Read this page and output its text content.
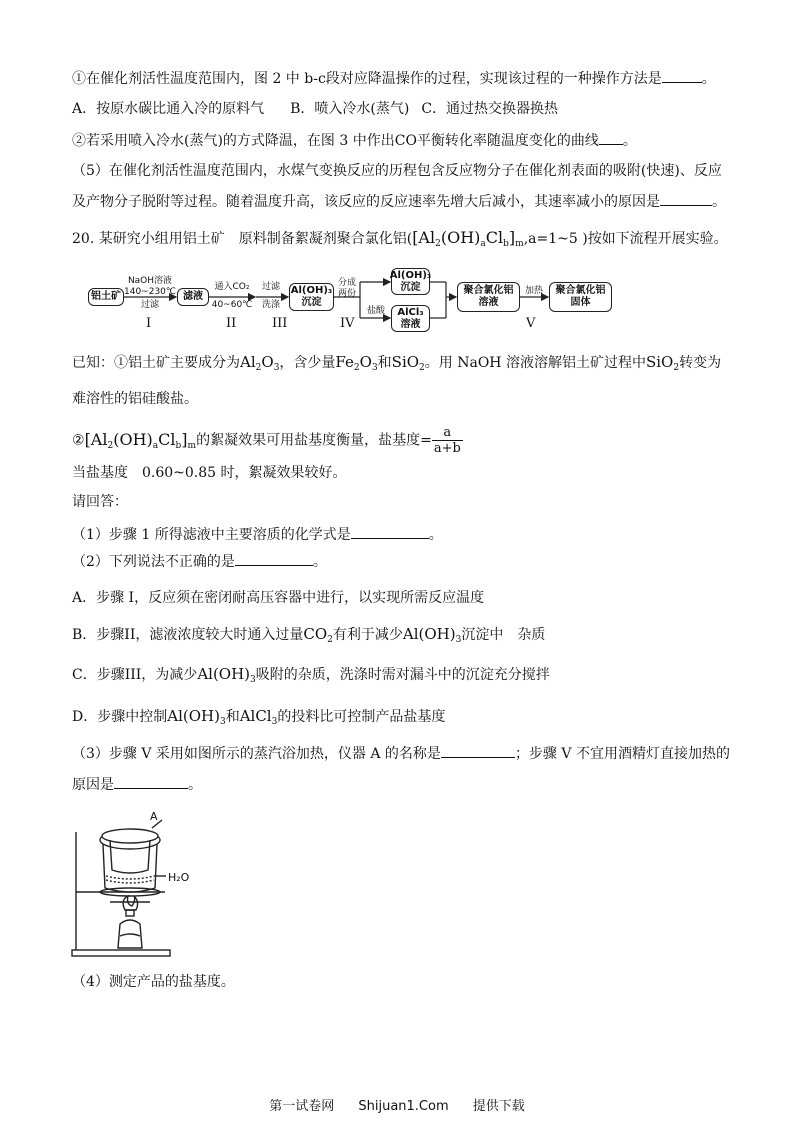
①在催化剂活性温度范围内，图 2 中 b-c段对应降温操作的过程，实现该过程的一种操作方法是	。
A．按原水碳比通入冷的原料气 B．喷入冷水(蒸气) C．通过热交换器换热
②若采用喷入冷水(蒸气)的方式降温，在图 3 中作出CO平衡转化率随温度变化的曲线 。
（5）在催化剂活性温度范围内，水煤气变换反应的历程包含反应物分子在催化剂表面的吸附(快速)、反应
及产物分子脱附等过程。随着温度升高，该反应的反应速率先增大后减小，其速率减小的原因是	。
20. 某研究小组用铝土矿　原料制备絮凝剂聚合氯化铝($[Al_2(OH)_aCl_b]_m,a=1\sim 5$ )按如下流程开展实验。
铝土矿
NaOH溶液
140~230℃
过滤
滤液
通入CO₂
40~60℃
过滤
洗涤
Al(OH)₃
沉淀
分成
两份
Al(OH)₃
沉淀
盐酸	AlCl₃
溶液
聚合氯化铝
溶液
加热	聚合氯化铝
固体
I	II	III	IV	V
已知：①铝土矿主要成分为$Al_2O_3$，含少量$Fe_2O_3$和SiO$_2$。用 NaOH 溶液溶解铝土矿过程中SiO$_2$转变为
难溶性的铝硅酸盐。
$②[Al_2(OH)_aCl_b]_m$的絮凝效果可用盐基度衡量，盐基度= $\frac{a}{a+b}$
当盐基度　0.60~0.85 时，絮凝效果较好。
请回答：
（1）步骤 1 所得滤液中主要溶质的化学式是	。
（2）下列说法不正确的是	。
A．步骤 I，反应须在密闭耐高压容器中进行，以实现所需反应温度
B．步骤II，滤液浓度较大时通入过量$CO_2$有利于减少$Al(OH)_3$沉淀中　杂质
C．步骤III，为减少$Al(OH)_3$吸附的杂质，洗涤时需对漏斗中的沉淀充分搅拌
D．步骤中控制$Al(OH)_3$和AlCl$_3$的投料比可控制产品盐基度
（3）步骤 V 采用如图所示的蒸汽浴加热，仪器 A 的名称是	；步骤 V 不宜用酒精灯直接加热的
原因是	。
A
H₂O
（4）测定产品的盐基度。
第一试卷网 Shijuan1.Com 提供下载
